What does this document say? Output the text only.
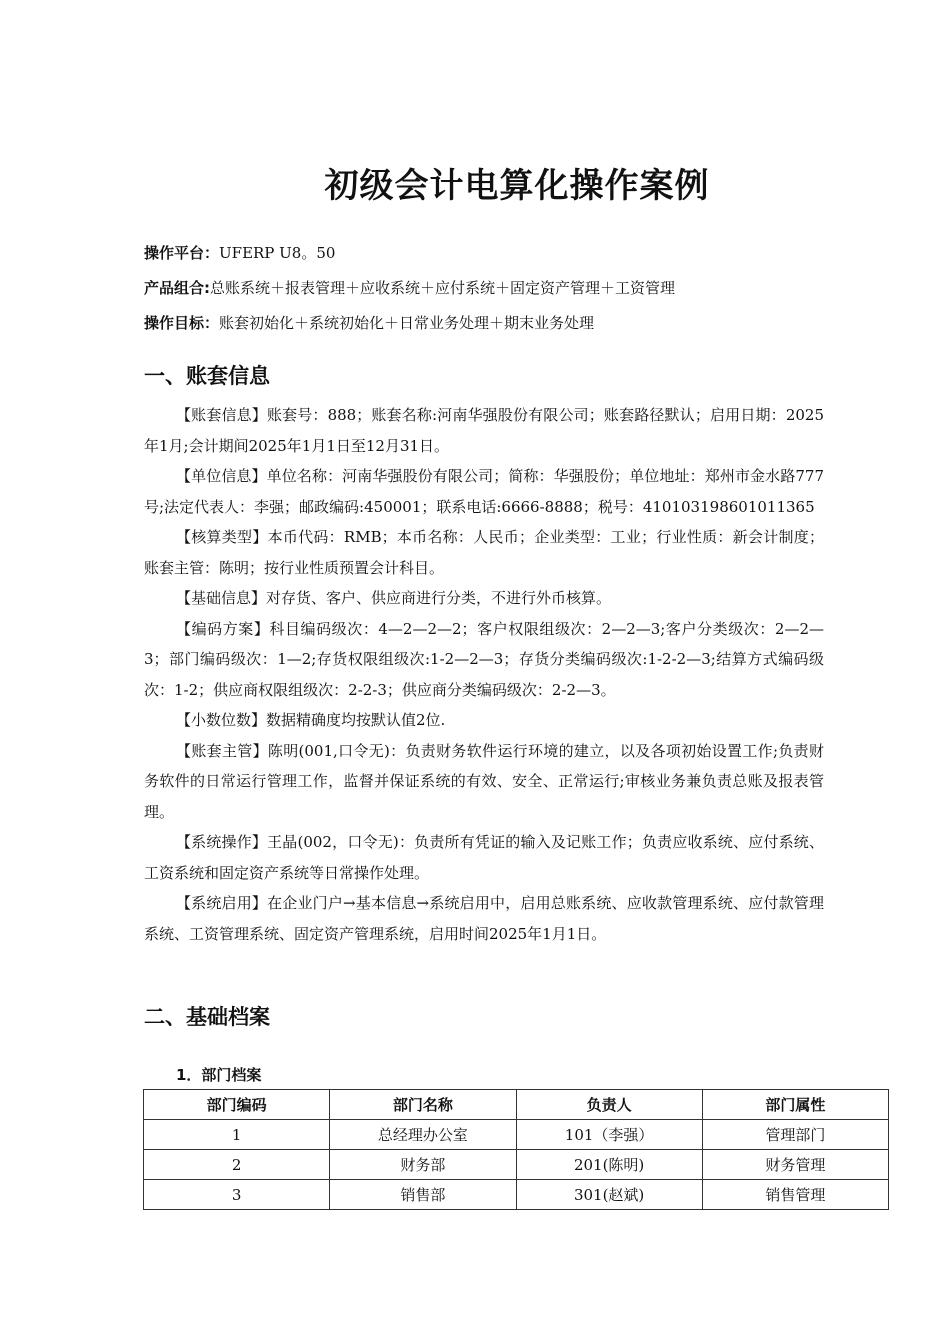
初级会计电算化操作案例

操作平台：UFERP U8。50

产品组合:总账系统＋报表管理＋应收系统＋应付系统＋固定资产管理＋工资管理

操作目标：账套初始化＋系统初始化＋日常业务处理＋期末业务处理

一、账套信息

【账套信息】账套号：888；账套名称:河南华强股份有限公司；账套路径默认；启用日期：2025年1月;会计期间2025年1月1日至12月31日。

【单位信息】单位名称：河南华强股份有限公司；简称：华强股份；单位地址：郑州市金水路777号;法定代表人：李强；邮政编码:450001；联系电话:6666-8888；税号：410103198601011365

【核算类型】本币代码：RMB；本币名称：人民币；企业类型：工业；行业性质：新会计制度；账套主管：陈明；按行业性质预置会计科目。

【基础信息】对存货、客户、供应商进行分类，不进行外币核算。

【编码方案】科目编码级次：4—2—2—2；客户权限组级次：2—2—3;客户分类级次：2—2—3；部门编码级次：1—2;存货权限组级次:1-2—2—3；存货分类编码级次:1-2-2—3;结算方式编码级次：1-2；供应商权限组级次：2-2-3；供应商分类编码级次：2-2—3。

【小数位数】数据精确度均按默认值2位.

【账套主管】陈明(001,口令无)：负责财务软件运行环境的建立，以及各项初始设置工作;负责财务软件的日常运行管理工作，监督并保证系统的有效、安全、正常运行;审核业务兼负责总账及报表管理。

【系统操作】王晶(002，口令无)：负责所有凭证的输入及记账工作；负责应收系统、应付系统、工资系统和固定资产系统等日常操作处理。

【系统启用】在企业门户→基本信息→系统启用中，启用总账系统、应收款管理系统、应付款管理系统、工资管理系统、固定资产管理系统，启用时间2025年1月1日。

二、基础档案
1．部门档案
部门编码	部门名称	负责人	部门属性
1	总经理办公室	101（李强）	管理部门
2	财务部	201(陈明)	财务管理
3	销售部	301(赵斌)	销售管理
